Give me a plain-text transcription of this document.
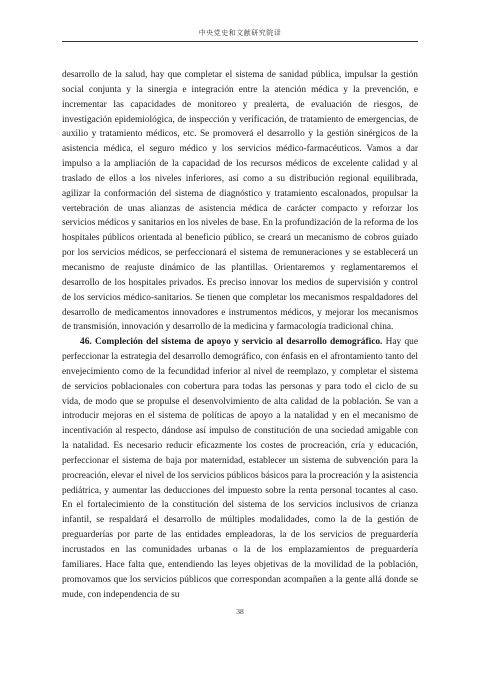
中央党史和文献研究院译

desarrollo de la salud, hay que completar el sistema de sanidad pública, impulsar la gestión social conjunta y la sinergia e integración entre la atención médica y la prevención, e incrementar las capacidades de monitoreo y prealerta, de evaluación de riesgos, de investigación epidemiológica, de inspección y verificación, de tratamiento de emergencias, de auxilio y tratamiento médicos, etc. Se promoverá el desarrollo y la gestión sinérgicos de la asistencia médica, el seguro médico y los servicios médico-farmacéuticos. Vamos a dar impulso a la ampliación de la capacidad de los recursos médicos de excelente calidad y al traslado de ellos a los niveles inferiores, así como a su distribución regional equilibrada, agilizar la conformación del sistema de diagnóstico y tratamiento escalonados, propulsar la vertebración de unas alianzas de asistencia médica de carácter compacto y reforzar los servicios médicos y sanitarios en los niveles de base. En la profundización de la reforma de los hospitales públicos orientada al beneficio público, se creará un mecanismo de cobros guiado por los servicios médicos, se perfeccionará el sistema de remuneraciones y se establecerá un mecanismo de reajuste dinámico de las plantillas. Orientaremos y reglamentaremos el desarrollo de los hospitales privados. Es preciso innovar los medios de supervisión y control de los servicios médico-sanitarios. Se tienen que completar los mecanismos respaldadores del desarrollo de medicamentos innovadores e instrumentos médicos, y mejorar los mecanismos de transmisión, innovación y desarrollo de la medicina y farmacología tradicional china.

46. Compleción del sistema de apoyo y servicio al desarrollo demográfico. Hay que perfeccionar la estrategia del desarrollo demográfico, con énfasis en el afrontamiento tanto del envejecimiento como de la fecundidad inferior al nivel de reemplazo, y completar el sistema de servicios poblacionales con cobertura para todas las personas y para todo el ciclo de su vida, de modo que se propulse el desenvolvimiento de alta calidad de la población. Se van a introducir mejoras en el sistema de políticas de apoyo a la natalidad y en el mecanismo de incentivación al respecto, dándose así impulso de constitución de una sociedad amigable con la natalidad. Es necesario reducir eficazmente los costes de procreación, cría y educación, perfeccionar el sistema de baja por maternidad, establecer un sistema de subvención para la procreación, elevar el nivel de los servicios públicos básicos para la procreación y la asistencia pediátrica, y aumentar las deducciones del impuesto sobre la renta personal tocantes al caso. En el fortalecimiento de la constitución del sistema de los servicios inclusivos de crianza infantil, se respaldará el desarrollo de múltiples modalidades, como la de la gestión de preguarderías por parte de las entidades empleadoras, la de los servicios de preguardería incrustados en las comunidades urbanas o la de los emplazamientos de preguardería familiares. Hace falta que, entendiendo las leyes objetivas de la movilidad de la población, promovamos que los servicios públicos que correspondan acompañen a la gente allá donde se mude, con independencia de su

38
